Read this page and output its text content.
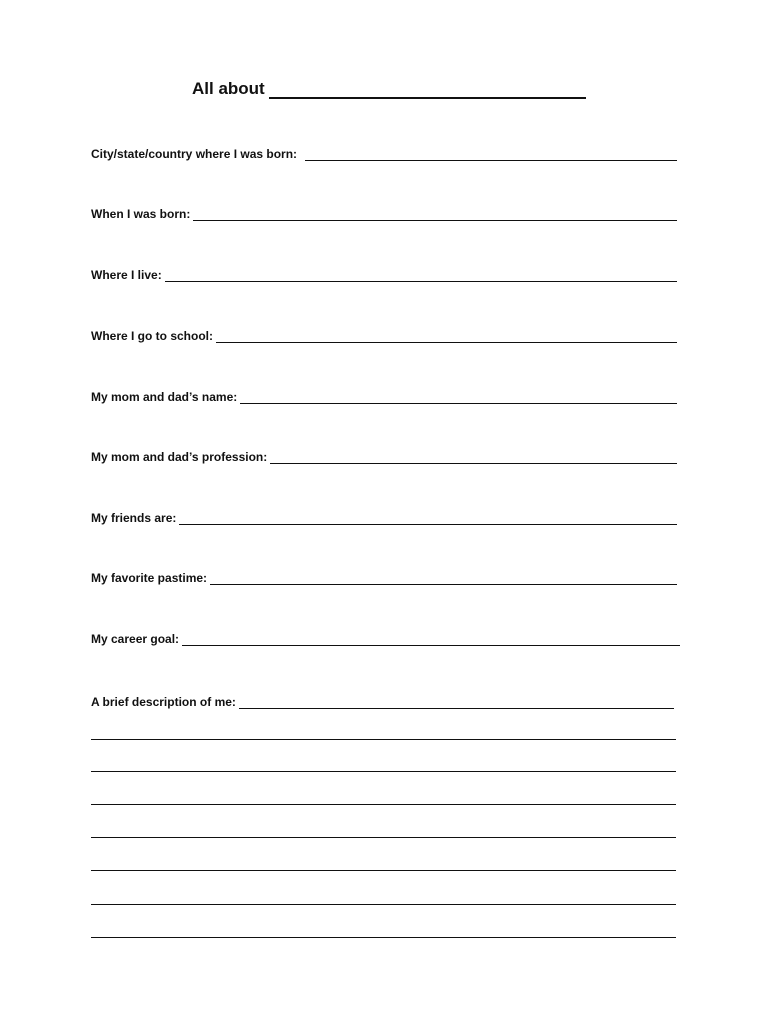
All about
City/state/country where I was born:
When I was born:
Where I live:
Where I go to school:
My mom and dad’s name:
My mom and dad’s profession:
My friends are:
My favorite pastime:
My career goal:
A brief description of me:
